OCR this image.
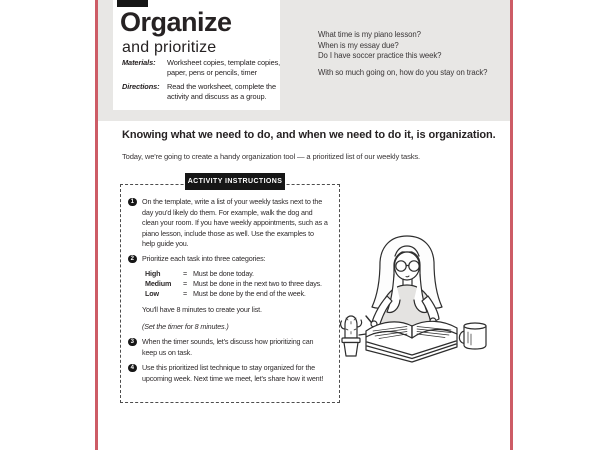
Organize
and prioritize
Materials: Worksheet copies, template copies, paper, pens or pencils, timer
Directions: Read the worksheet, complete the activity and discuss as a group.
What time is my piano lesson?
When is my essay due?
Do I have soccer practice this week?
With so much going on, how do you stay on track?
Knowing what we need to do, and when we need to do it, is organization.
Today, we're going to create a handy organization tool — a prioritized list of our weekly tasks.
ACTIVITY INSTRUCTIONS
1	On the template, write a list of your weekly tasks next to the day you'd likely do them. For example, walk the dog and clean your room. If you have weekly appointments, such as a piano lesson, include those as well. Use the examples to help guide you.
2	Prioritize each task into three categories:
High	= Must be done today.
Medium	= Must be done in the next two to three days.
Low	= Must be done by the end of the week.
You'll have 8 minutes to create your list.
(Set the timer for 8 minutes.)
3	When the timer sounds, let's discuss how prioritizing can keep us on task.
4	Use this prioritized list technique to stay organized for the upcoming week. Next time we meet, let's share how it went!
